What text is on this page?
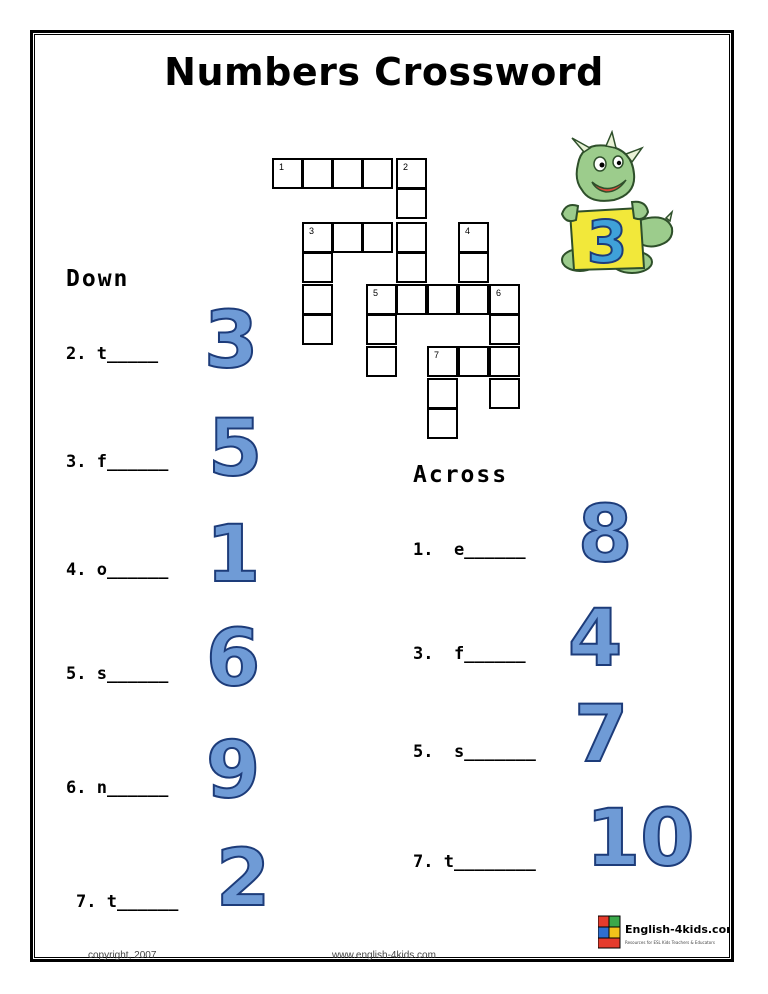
Numbers Crossword
1	2
3	4
5	6
7
3
Down
2. t_____ 3
3. f______ 5
4. o______ 1
5. s______ 6
6. n______ 9
7. t______ 2
Across
1.  e______ 8
3.  f______ 4
5.  s_______ 7
7. t________ 10
copyright, 2007	www.english-4kids.com
English-4kids.com
Resources for ESL Kids Teachers & Educators
